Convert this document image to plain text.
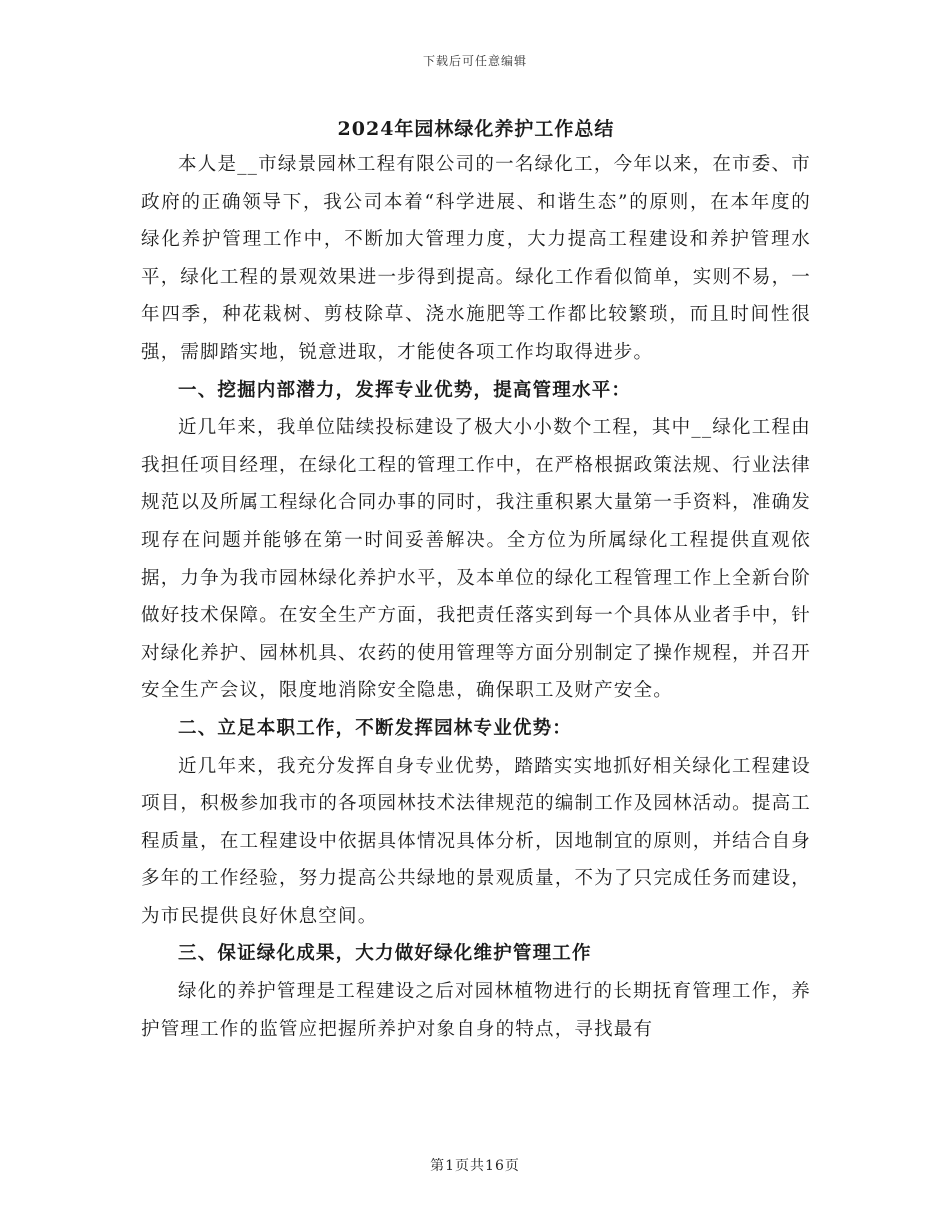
下载后可任意编辑
2024年园林绿化养护工作总结

本人是__市绿景园林工程有限公司的一名绿化工，今年以来，在市委、市政府的正确领导下，我公司本着“科学进展、和谐生态”的原则，在本年度的绿化养护管理工作中，不断加大管理力度，大力提高工程建设和养护管理水平，绿化工程的景观效果进一步得到提高。绿化工作看似简单，实则不易，一年四季，种花栽树、剪枝除草、浇水施肥等工作都比较繁琐，而且时间性很强，需脚踏实地，锐意进取，才能使各项工作均取得进步。

一、挖掘内部潜力，发挥专业优势，提高管理水平：

近几年来，我单位陆续投标建设了极大小小数个工程，其中__绿化工程由我担任项目经理，在绿化工程的管理工作中，在严格根据政策法规、行业法律规范以及所属工程绿化合同办事的同时，我注重积累大量第一手资料，准确发现存在问题并能够在第一时间妥善解决。全方位为所属绿化工程提供直观依据，力争为我市园林绿化养护水平，及本单位的绿化工程管理工作上全新台阶做好技术保障。在安全生产方面，我把责任落实到每一个具体从业者手中，针对绿化养护、园林机具、农药的使用管理等方面分别制定了操作规程，并召开安全生产会议，限度地消除安全隐患，确保职工及财产安全。

二、立足本职工作，不断发挥园林专业优势：

近几年来，我充分发挥自身专业优势，踏踏实实地抓好相关绿化工程建设项目，积极参加我市的各项园林技术法律规范的编制工作及园林活动。提高工程质量，在工程建设中依据具体情况具体分析，因地制宜的原则，并结合自身多年的工作经验，努力提高公共绿地的景观质量，不为了只完成任务而建设，为市民提供良好休息空间。

三、保证绿化成果，大力做好绿化维护管理工作

绿化的养护管理是工程建设之后对园林植物进行的长期抚育管理工作，养护管理工作的监管应把握所养护对象自身的特点，寻找最有

第1页共16页
